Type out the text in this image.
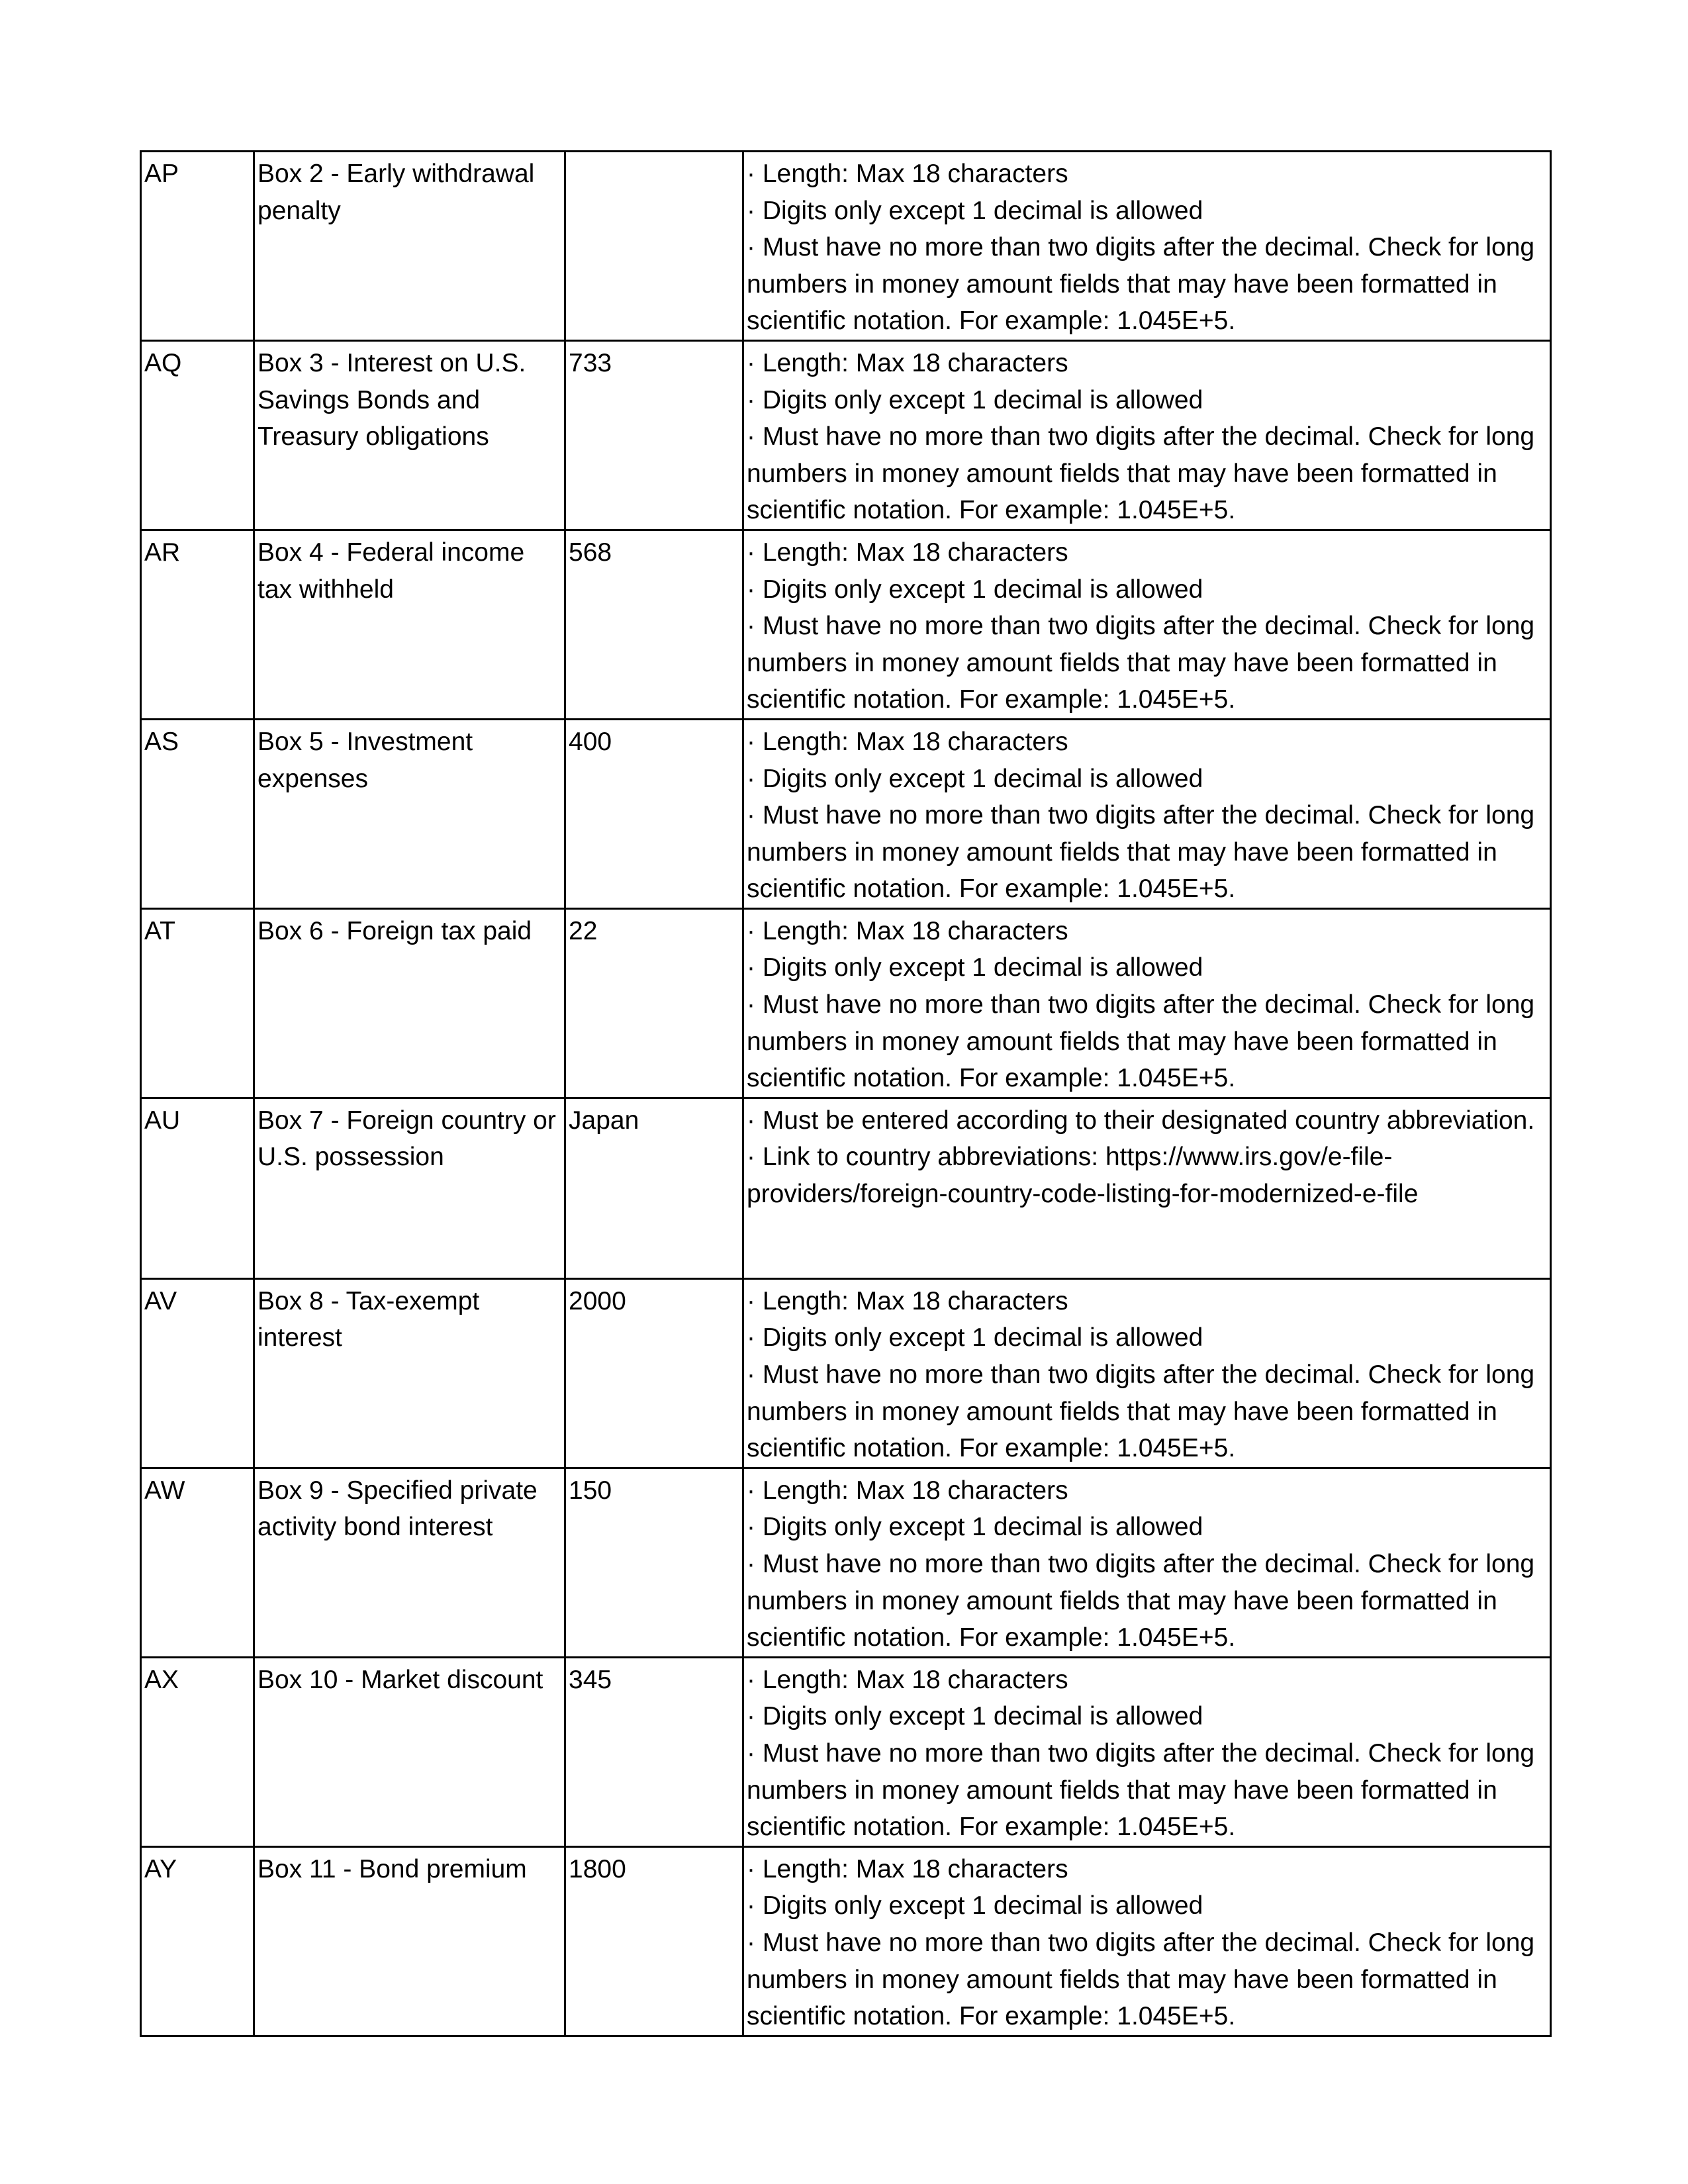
AP	Box 2 - Early withdrawal penalty		· Length: Max 18 characters
· Digits only except 1 decimal is allowed
· Must have no more than two digits after the decimal. Check for long numbers in money amount fields that may have been formatted in scientific notation. For example: 1.045E+5.

AQ	Box 3 - Interest on U.S. Savings Bonds and Treasury obligations	733	· Length: Max 18 characters
· Digits only except 1 decimal is allowed
· Must have no more than two digits after the decimal. Check for long numbers in money amount fields that may have been formatted in scientific notation. For example: 1.045E+5.

AR	Box 4 - Federal income tax withheld	568	· Length: Max 18 characters
· Digits only except 1 decimal is allowed
· Must have no more than two digits after the decimal. Check for long numbers in money amount fields that may have been formatted in scientific notation. For example: 1.045E+5.

AS	Box 5 - Investment expenses	400	· Length: Max 18 characters
· Digits only except 1 decimal is allowed
· Must have no more than two digits after the decimal. Check for long numbers in money amount fields that may have been formatted in scientific notation. For example: 1.045E+5.

AT	Box 6 - Foreign tax paid	22	· Length: Max 18 characters
· Digits only except 1 decimal is allowed
· Must have no more than two digits after the decimal. Check for long numbers in money amount fields that may have been formatted in scientific notation. For example: 1.045E+5.

AU	Box 7 - Foreign country or U.S. possession	Japan	· Must be entered according to their designated country abbreviation.
· Link to country abbreviations: https://www.irs.gov/e-file-providers/foreign-country-code-listing-for-modernized-e-file

AV	Box 8 - Tax-exempt interest	2000	· Length: Max 18 characters
· Digits only except 1 decimal is allowed
· Must have no more than two digits after the decimal. Check for long numbers in money amount fields that may have been formatted in scientific notation. For example: 1.045E+5.

AW	Box 9 - Specified private activity bond interest	150	· Length: Max 18 characters
· Digits only except 1 decimal is allowed
· Must have no more than two digits after the decimal. Check for long numbers in money amount fields that may have been formatted in scientific notation. For example: 1.045E+5.

AX	Box 10 - Market discount	345	· Length: Max 18 characters
· Digits only except 1 decimal is allowed
· Must have no more than two digits after the decimal. Check for long numbers in money amount fields that may have been formatted in scientific notation. For example: 1.045E+5.

AY	Box 11 - Bond premium	1800	· Length: Max 18 characters
· Digits only except 1 decimal is allowed
· Must have no more than two digits after the decimal. Check for long numbers in money amount fields that may have been formatted in scientific notation. For example: 1.045E+5.
